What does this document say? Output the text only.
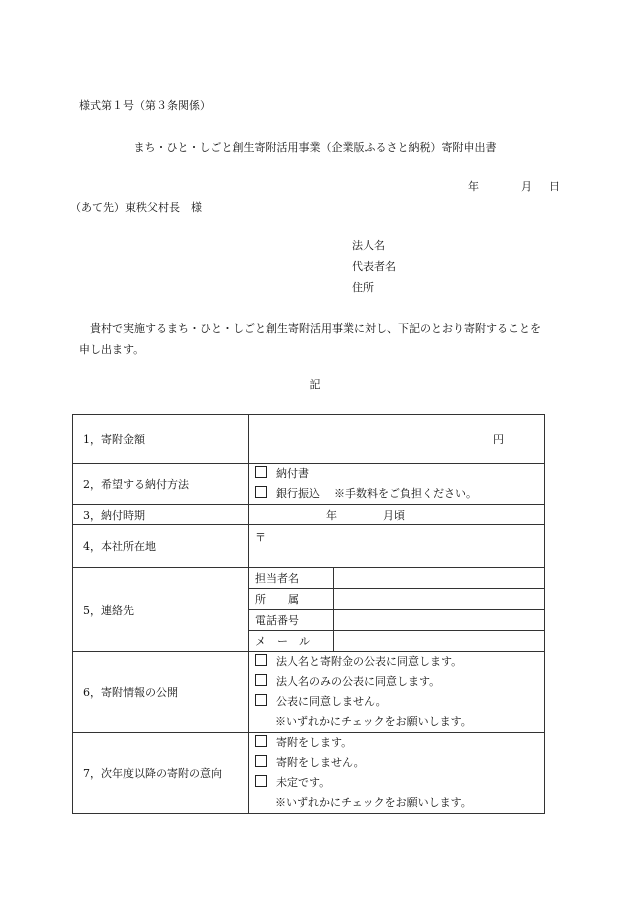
様式第１号（第３条関係）
まち・ひと・しごと創生寄附活用事業（企業版ふるさと納税）寄附申出書
年	月 日
（あて先）東秩父村長　様
法人名
代表者名
住所
貴村で実施するまち・ひと・しごと創生寄附活用事業に対し、下記のとおり寄附することを申し出ます。
記
1，寄附金額	円	
2，希望する納付方法	納付書
銀行振込 ※手数料をご負担ください。	

3，納付時期	年 月頃	
4，本社所在地	〒	
5，連絡先	担当者名	
	所　　属	
	電話番号	
	メ　ー　ル	
6，寄附情報の公開	法人名と寄附金の公表に同意します。
法人名のみの公表に同意します。
公表に同意しません。
※いずれかにチェックをお願いします。	

7，次年度以降の寄附の意向	寄附をします。
寄附をしません。
未定です。
※いずれかにチェックをお願いします。	
